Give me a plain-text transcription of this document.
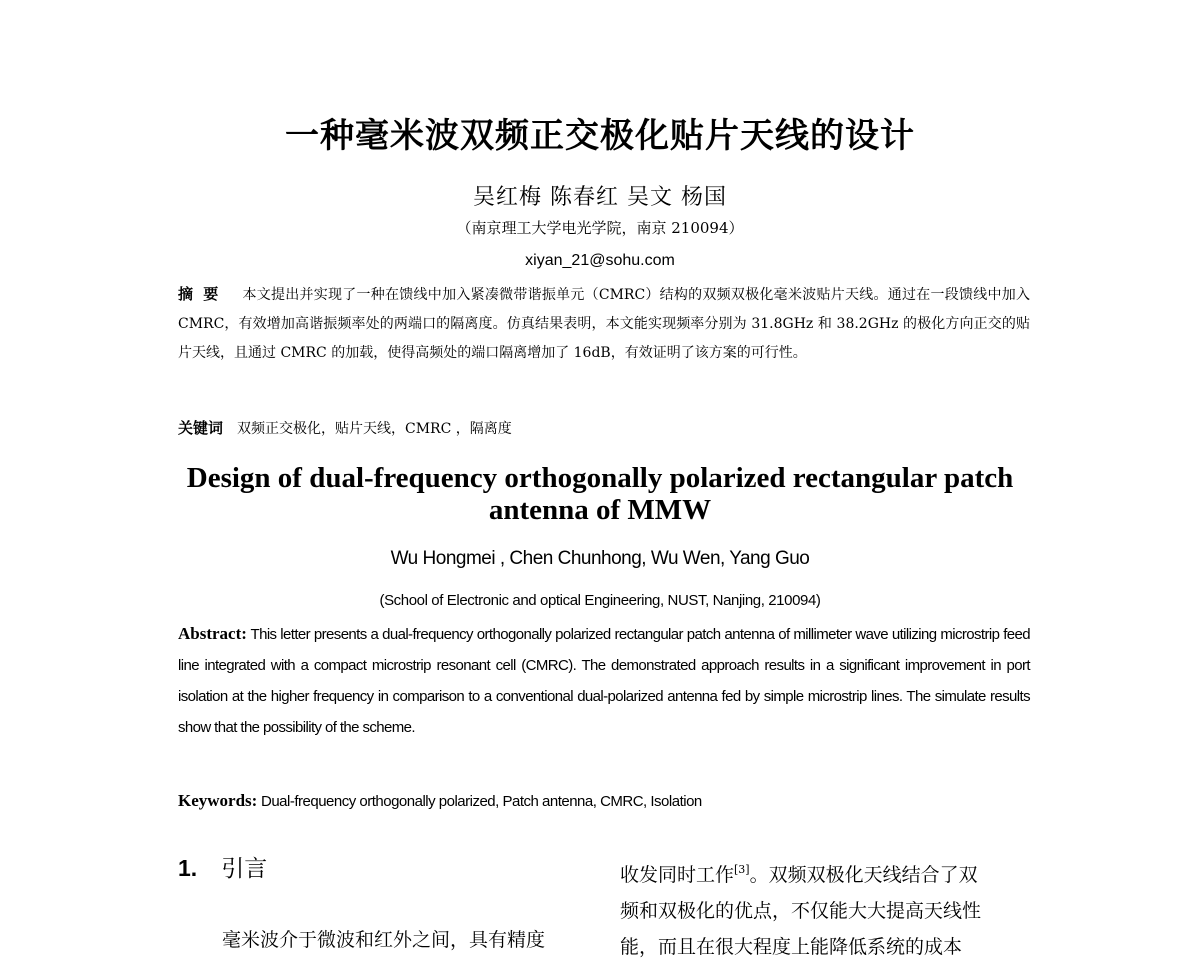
一种毫米波双频正交极化贴片天线的设计
吴红梅 陈春红 吴文 杨国
（南京理工大学电光学院，南京 210094）
xiyan_21@sohu.com
摘要 本文提出并实现了一种在馈线中加入紧凑微带谐振单元（CMRC）结构的双频双极化毫米波贴片天线。通过在一段馈线中加入 CMRC，有效增加高谐振频率处的两端口的隔离度。仿真结果表明，本文能实现频率分别为 31.8GHz 和 38.2GHz 的极化方向正交的贴片天线，且通过 CMRC 的加载，使得高频处的端口隔离增加了 16dB，有效证明了该方案的可行性。
关键词 双频正交极化，贴片天线，CMRC ，隔离度
Design of dual-frequency orthogonally polarized rectangular patch
antenna of MMW
Wu Hongmei , Chen Chunhong, Wu Wen, Yang Guo
(School of Electronic and optical Engineering, NUST, Nanjing, 210094)
Abstract: This letter presents a dual-frequency orthogonally polarized rectangular patch antenna of millimeter wave utilizing microstrip feed line integrated with a compact microstrip resonant cell (CMRC). The demonstrated approach results in a significant improvement in port isolation at the higher frequency in comparison to a conventional dual-polarized antenna fed by simple microstrip lines. The simulate results show that the possibility of the scheme.
Keywords: Dual-frequency orthogonally polarized, Patch antenna, CMRC, Isolation
1. 引言
毫米波介于微波和红外之间，具有精度
收发同时工作[3]。双频双极化天线结合了双
频和双极化的优点，不仅能大大提高天线性
能，而且在很大程度上能降低系统的成本
